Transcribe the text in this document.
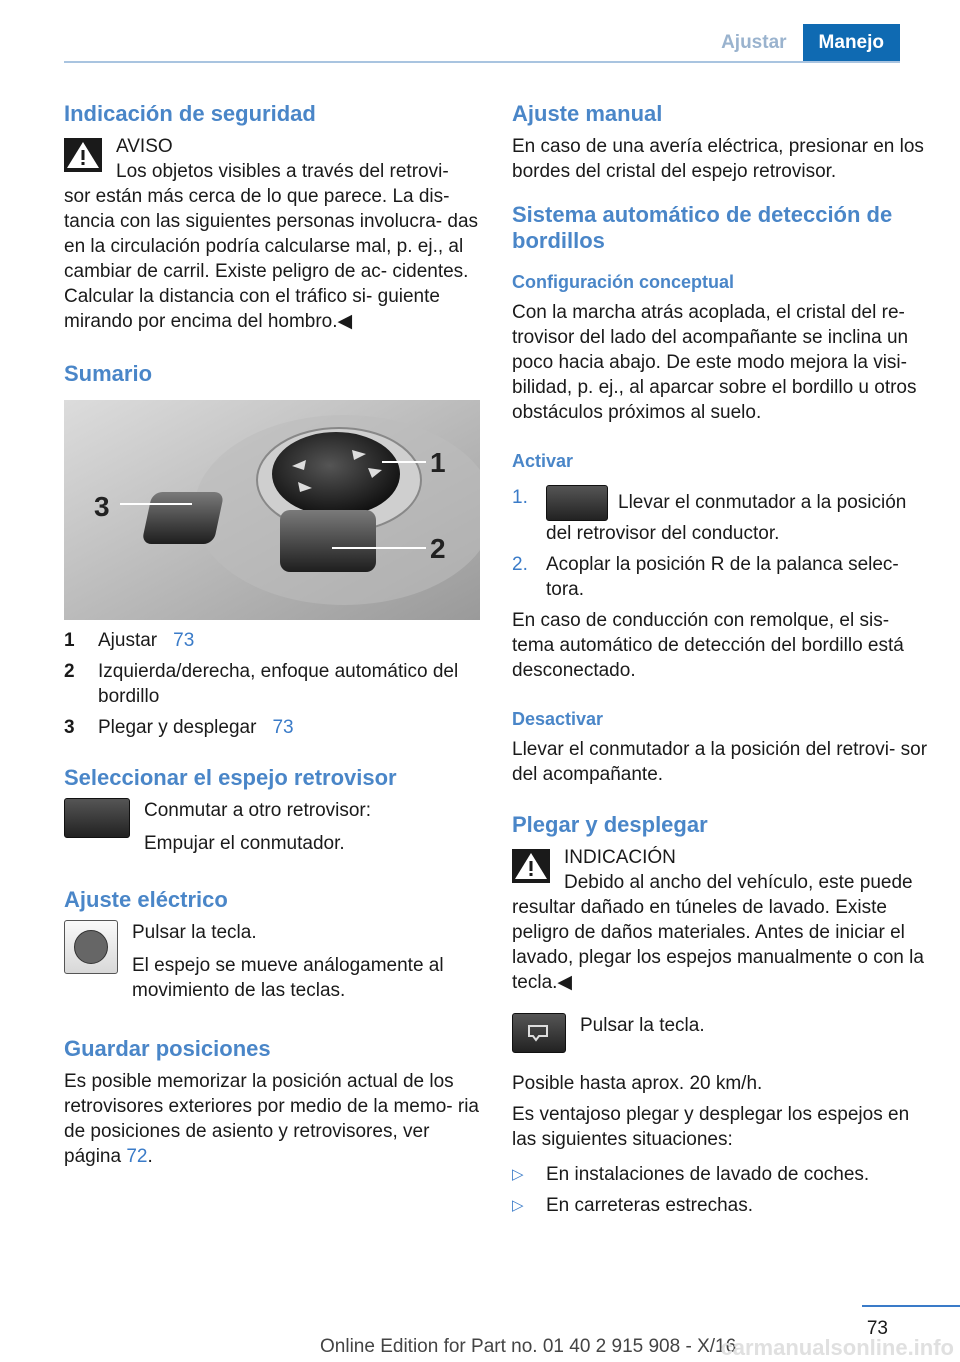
Ajustar	Manejo
Indicación de seguridad

AVISO

Los objetos visibles a través del retrovi-

sor están más cerca de lo que parece. La dis- tancia con las siguientes personas involucra- das en la circulación podría calcularse mal, p. ej., al cambiar de carril. Existe peligro de ac- cidentes. Calcular la distancia con el tráfico si- guiente mirando por encima del hombro.◀

Sumario
3
1
2
1	Ajustar 73
2	Izquierda/derecha, enfoque automático del bordillo
3	Plegar y desplegar 73
Seleccionar el espejo retrovisor

Conmutar a otro retrovisor:

Empujar el conmutador.

Ajuste eléctrico

Pulsar la tecla.

El espejo se mueve análogamente al movimiento de las teclas.

Guardar posiciones

Es posible memorizar la posición actual de los retrovisores exteriores por medio de la memo- ria de posiciones de asiento y retrovisores, ver página 72.

Ajuste manual

En caso de una avería eléctrica, presionar en los bordes del cristal del espejo retrovisor.

Sistema automático de detección de bordillos
Configuración conceptual

Con la marcha atrás acoplada, el cristal del re- trovisor del lado del acompañante se inclina un poco hacia abajo. De este modo mejora la visi- bilidad, p. ej., al aparcar sobre el bordillo u otros obstáculos próximos al suelo.

Activar
1.	Llevar el conmutador a la posición del retrovisor del conductor.
2. Acoplar la posición R de la palanca selec- tora.

En caso de conducción con remolque, el sis- tema automático de detección del bordillo está desconectado.

Desactivar

Llevar el conmutador a la posición del retrovi- sor del acompañante.

Plegar y desplegar

INDICACIÓN

Debido al ancho del vehículo, este puede

resultar dañado en túneles de lavado. Existe peligro de daños materiales. Antes de iniciar el lavado, plegar los espejos manualmente o con la tecla.◀

Pulsar la tecla.

Posible hasta aprox. 20 km/h.

Es ventajoso plegar y desplegar los espejos en las siguientes situaciones:

▷	En instalaciones de lavado de coches.
▷	En carreteras estrechas.
73
Online Edition for Part no. 01 40 2 915 908 - X/16
carmanualsonline.info
